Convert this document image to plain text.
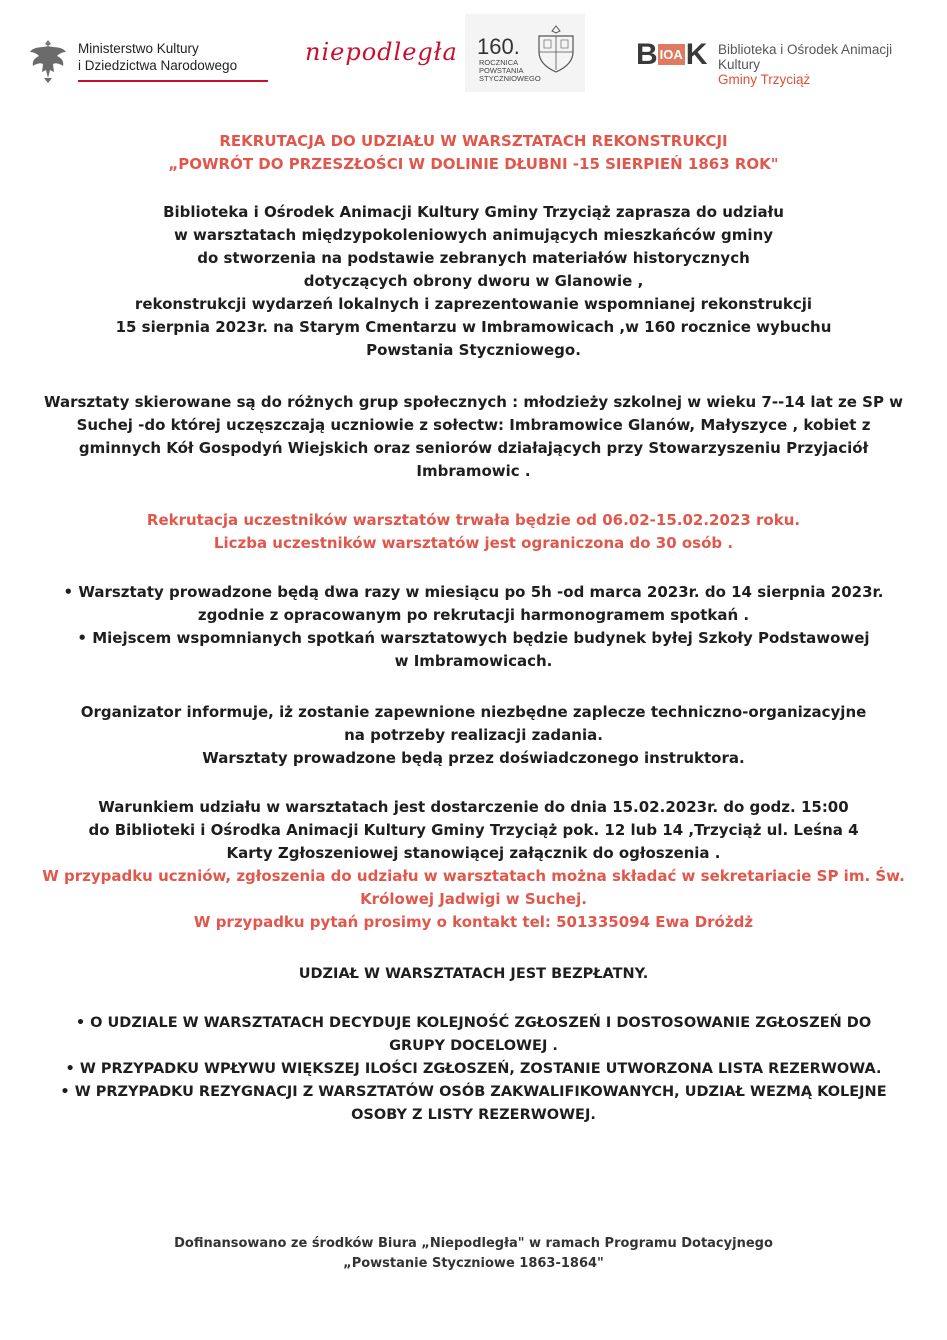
Ministerstwo Kultury
i Dziedzictwa Narodowego	niepodległa 160.
ROCZNICA
POWSTANIA
STYCZNIOWEGO
B IOA K Biblioteka i Ośrodek Animacji Kultury
Gminy Trzyciąż

REKRUTACJA DO UDZIAŁU W WARSZTATACH REKONSTRUKCJI

„POWRÓT DO PRZESZŁOŚCI W DOLINIE DŁUBNI -15 SIERPIEŃ 1863 ROK"

Biblioteka i Ośrodek Animacji Kultury Gminy Trzyciąż zaprasza do udziału

w warsztatach międzypokoleniowych animujących mieszkańców gminy

do stworzenia na podstawie zebranych materiałów historycznych

dotyczących obrony dworu w Glanowie ,

rekonstrukcji wydarzeń lokalnych i zaprezentowanie wspomnianej rekonstrukcji

15 sierpnia 2023r. na Starym Cmentarzu w Imbramowicach ,w 160 rocznice wybuchu

Powstania Styczniowego.

Warsztaty skierowane są do różnych grup społecznych : młodzieży szkolnej w wieku 7--14 lat ze SP w

Suchej -do której uczęszczają uczniowie z sołectw: Imbramowice Glanów, Małyszyce , kobiet z

gminnych Kół Gospodyń Wiejskich oraz seniorów działających przy Stowarzyszeniu Przyjaciół

Imbramowic .

Rekrutacja uczestników warsztatów trwała będzie od 06.02-15.02.2023 roku.

Liczba uczestników warsztatów jest ograniczona do 30 osób .

• Warsztaty prowadzone będą dwa razy w miesiącu po 5h -od marca 2023r. do 14 sierpnia 2023r.

zgodnie z opracowanym po rekrutacji harmonogramem spotkań .

• Miejscem wspomnianych spotkań warsztatowych będzie budynek byłej Szkoły Podstawowej

w Imbramowicach.

Organizator informuje, iż zostanie zapewnione niezbędne zaplecze techniczno-organizacyjne

na potrzeby realizacji zadania.

Warsztaty prowadzone będą przez doświadczonego instruktora.

Warunkiem udziału w warsztatach jest dostarczenie do dnia 15.02.2023r. do godz. 15:00

do Biblioteki i Ośrodka Animacji Kultury Gminy Trzyciąż pok. 12 lub 14 ,Trzyciąż ul. Leśna 4

Karty Zgłoszeniowej stanowiącej załącznik do ogłoszenia .

W przypadku uczniów, zgłoszenia do udziału w warsztatach można składać w sekretariacie SP im. Św.

Królowej Jadwigi w Suchej.

W przypadku pytań prosimy o kontakt tel: 501335094 Ewa Dróżdż

UDZIAŁ W WARSZTATACH JEST BEZPŁATNY.

• O UDZIALE W WARSZTATACH DECYDUJE KOLEJNOŚĆ ZGŁOSZEŃ I DOSTOSOWANIE ZGŁOSZEŃ DO

GRUPY DOCELOWEJ .

• W PRZYPADKU WPŁYWU WIĘKSZEJ ILOŚCI ZGŁOSZEŃ, ZOSTANIE UTWORZONA LISTA REZERWOWA.

• W PRZYPADKU REZYGNACJI Z WARSZTATÓW OSÓB ZAKWALIFIKOWANYCH, UDZIAŁ WEZMĄ KOLEJNE

OSOBY Z LISTY REZERWOWEJ.

Dofinansowano ze środków Biura „Niepodległa" w ramach Programu Dotacyjnego

„Powstanie Styczniowe 1863-1864"
